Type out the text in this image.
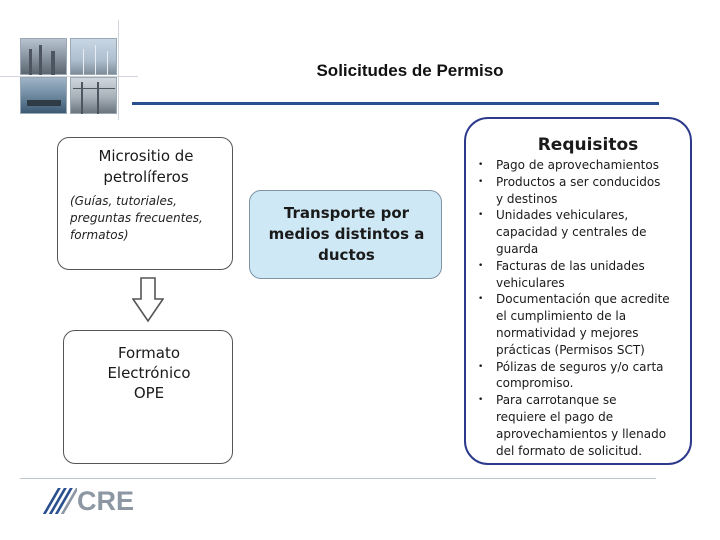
Solicitudes de Permiso
Micrositio de
petrolíferos
(Guías, tutoriales,
preguntas frecuentes,
formatos)
Formato
Electrónico
OPE
Transporte por
medios distintos a
ductos
Requisitos
• Pago de aprovechamientos
• Productos a ser conducidos
y destinos
• Unidades vehiculares,
capacidad y centrales de
guarda
• Facturas de las unidades
vehiculares
• Documentación que acredite
el cumplimiento de la
normatividad y mejores
prácticas (Permisos SCT)
• Pólizas de seguros y/o carta
compromiso.
• Para carrotanque se
requiere el pago de
aprovechamientos y llenado
del formato de solicitud.
CRE
